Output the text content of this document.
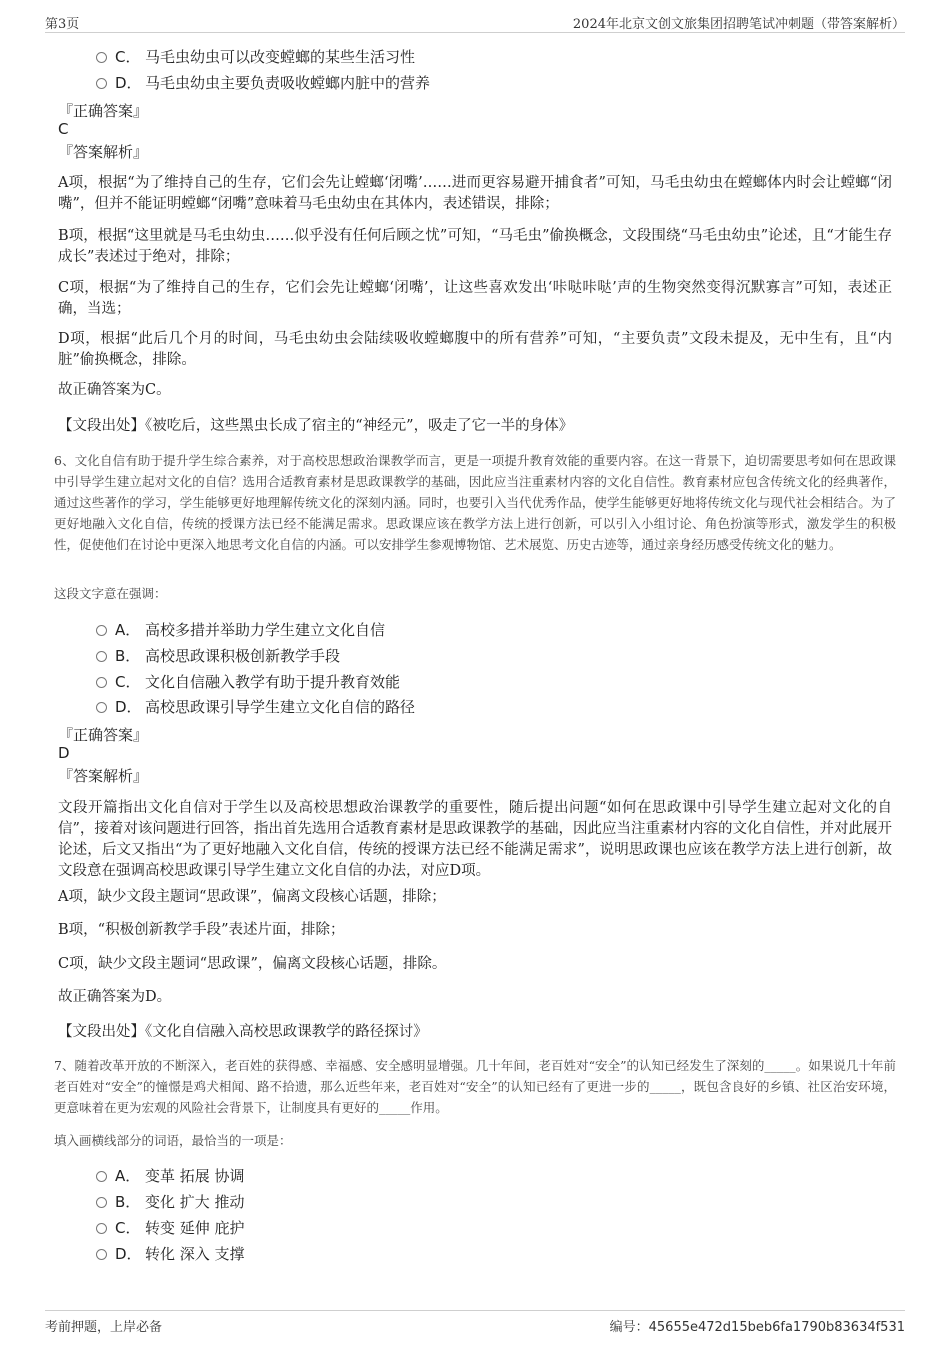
第3页	2024年北京文创文旅集团招聘笔试冲刺题（带答案解析）
C． 马毛虫幼虫可以改变螳螂的某些生活习性
D． 马毛虫幼虫主要负责吸收螳螂内脏中的营养
『正确答案』
C
『答案解析』
A项，根据“为了维持自己的生存，它们会先让螳螂‘闭嘴’……进而更容易避开捕食者”可知，马毛虫幼虫在螳螂体内时会让螳螂“闭嘴”，但并不能证明螳螂“闭嘴”意味着马毛虫幼虫在其体内，表述错误，排除；
B项，根据“这里就是马毛虫幼虫……似乎没有任何后顾之忧”可知，“马毛虫”偷换概念，文段围绕“马毛虫幼虫”论述，且“才能生存成长”表述过于绝对，排除；
C项，根据“为了维持自己的生存，它们会先让螳螂‘闭嘴’，让这些喜欢发出‘咔哒咔哒’声的生物突然变得沉默寡言”可知，表述正确，当选；
D项，根据“此后几个月的时间，马毛虫幼虫会陆续吸收螳螂腹中的所有营养”可知，“主要负责”文段未提及，无中生有，且“内脏”偷换概念，排除。
故正确答案为C。
【文段出处】《被吃后，这些黑虫长成了宿主的“神经元”，吸走了它一半的身体》
6、文化自信有助于提升学生综合素养，对于高校思想政治课教学而言，更是一项提升教育效能的重要内容。在这一背景下，迫切需要思考如何在思政课中引导学生建立起对文化的自信？选用合适教育素材是思政课教学的基础，因此应当注重素材内容的文化自信性。教育素材应包含传统文化的经典著作，通过这些著作的学习，学生能够更好地理解传统文化的深刻内涵。同时，也要引入当代优秀作品，使学生能够更好地将传统文化与现代社会相结合。为了更好地融入文化自信，传统的授课方法已经不能满足需求。思政课应该在教学方法上进行创新，可以引入小组讨论、角色扮演等形式，激发学生的积极性，促使他们在讨论中更深入地思考文化自信的内涵。可以安排学生参观博物馆、艺术展览、历史古迹等，通过亲身经历感受传统文化的魅力。
这段文字意在强调：
A． 高校多措并举助力学生建立文化自信
B． 高校思政课积极创新教学手段
C． 文化自信融入教学有助于提升教育效能
D． 高校思政课引导学生建立文化自信的路径
『正确答案』
D
『答案解析』
文段开篇指出文化自信对于学生以及高校思想政治课教学的重要性，随后提出问题“如何在思政课中引导学生建立起对文化的自信”，接着对该问题进行回答，指出首先选用合适教育素材是思政课教学的基础，因此应当注重素材内容的文化自信性，并对此展开论述，后文又指出“为了更好地融入文化自信，传统的授课方法已经不能满足需求”，说明思政课也应该在教学方法上进行创新，故文段意在强调高校思政课引导学生建立文化自信的办法，对应D项。
A项，缺少文段主题词“思政课”，偏离文段核心话题，排除；
B项，“积极创新教学手段”表述片面，排除；
C项，缺少文段主题词“思政课”，偏离文段核心话题，排除。
故正确答案为D。
【文段出处】《文化自信融入高校思政课教学的路径探讨》
7、随着改革开放的不断深入，老百姓的获得感、幸福感、安全感明显增强。几十年间，老百姓对“安全”的认知已经发生了深刻的_____。如果说几十年前老百姓对“安全”的憧憬是鸡犬相闻、路不拾遗，那么近些年来，老百姓对“安全”的认知已经有了更进一步的_____，既包含良好的乡镇、社区治安环境，更意味着在更为宏观的风险社会背景下，让制度具有更好的_____作用。
填入画横线部分的词语，最恰当的一项是：
A． 变革 拓展 协调
B． 变化 扩大 推动
C． 转变 延伸 庇护
D． 转化 深入 支撑
考前押题，上岸必备	编号：45655e472d15beb6fa1790b83634f531
